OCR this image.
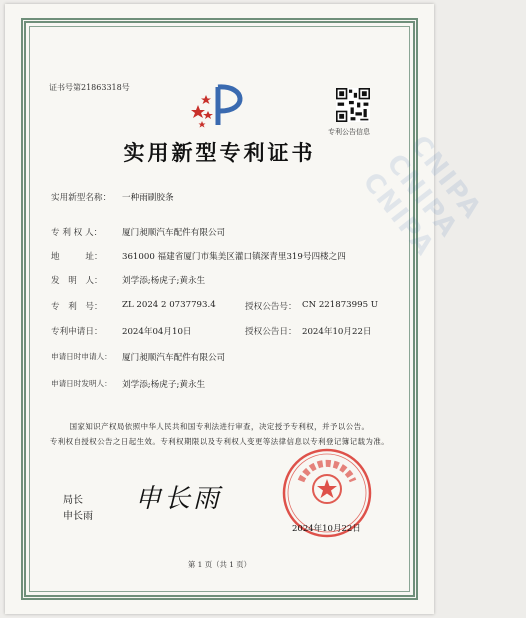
CNIPA CNIPA CNIPA
证书号第21863318号
专利公告信息
实用新型专利证书
实用新型名称： 一种雨刷胶条
专 利 权 人： 厦门昶顺汽车配件有限公司
地　　　址： 361000 福建省厦门市集美区灌口镇深青里319号四楼之四
发　明　人： 刘学添;杨虎子;黄永生
专　利　号： ZL 2024 2 0737793.4	授权公告号： CN 221873995 U
专利申请日： 2024年04月10日	授权公告日： 2024年10月22日
申请日时申请人： 厦门昶顺汽车配件有限公司
申请日时发明人： 刘学添;杨虎子;黄永生
国家知识产权局依照中华人民共和国专利法进行审查，决定授予专利权，并予以公告。
专利权自授权公告之日起生效。专利权期限以及专利权人变更等法律信息以专利登记簿记载为准。
局长
申长雨
申长雨
2024年10月22日
第 1 页（共 1 页）
